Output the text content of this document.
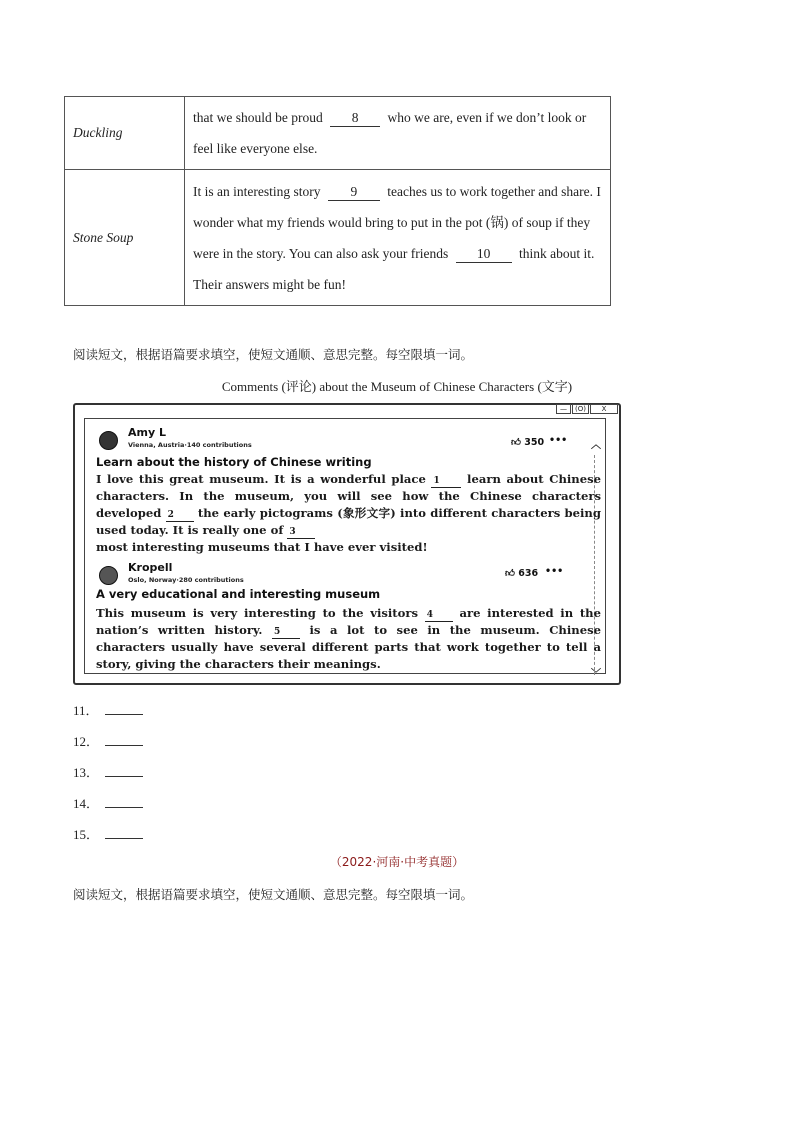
Duckling	that we should be proud 8 who we are, even if we don’t look or
feel like everyone else.
Stone Soup	It is an interesting story 9 teaches us to work together and share. I
wonder what my friends would bring to put in the pot (锅) of soup if they
were in the story. You can also ask your friends 10 think about it.
Their answers might be fun!
阅读短文，根据语篇要求填空，使短文通顺、意思完整。每空限填一词。
Comments (评论) about the Museum of Chinese Characters (文字)
—	(O)	X
︿
﹀
Amy L
Vienna, Austria·140 contributions	👍︎ 350 •••
Learn about the history of Chinese writing
I love this great museum. It is a wonderful place 1 learn about Chinese characters. In the museum, you will see how the Chinese characters developed 2 the early pictograms (象形文字) into different characters being used today. It is really one of 3
most interesting museums that I have ever visited!
Kropell
Oslo, Norway·280 contributions
👍︎ 636 •••
A very educational and interesting museum
This museum is very interesting to the visitors 4 are interested in the nation’s written history. 5	is a lot to see in the museum. Chinese characters usually have several different parts that work together to tell a story, giving the characters their meanings.
11．
12．
13．
14．
15．
（2022·河南·中考真题）
阅读短文，根据语篇要求填空，使短文通顺、意思完整。每空限填一词。
